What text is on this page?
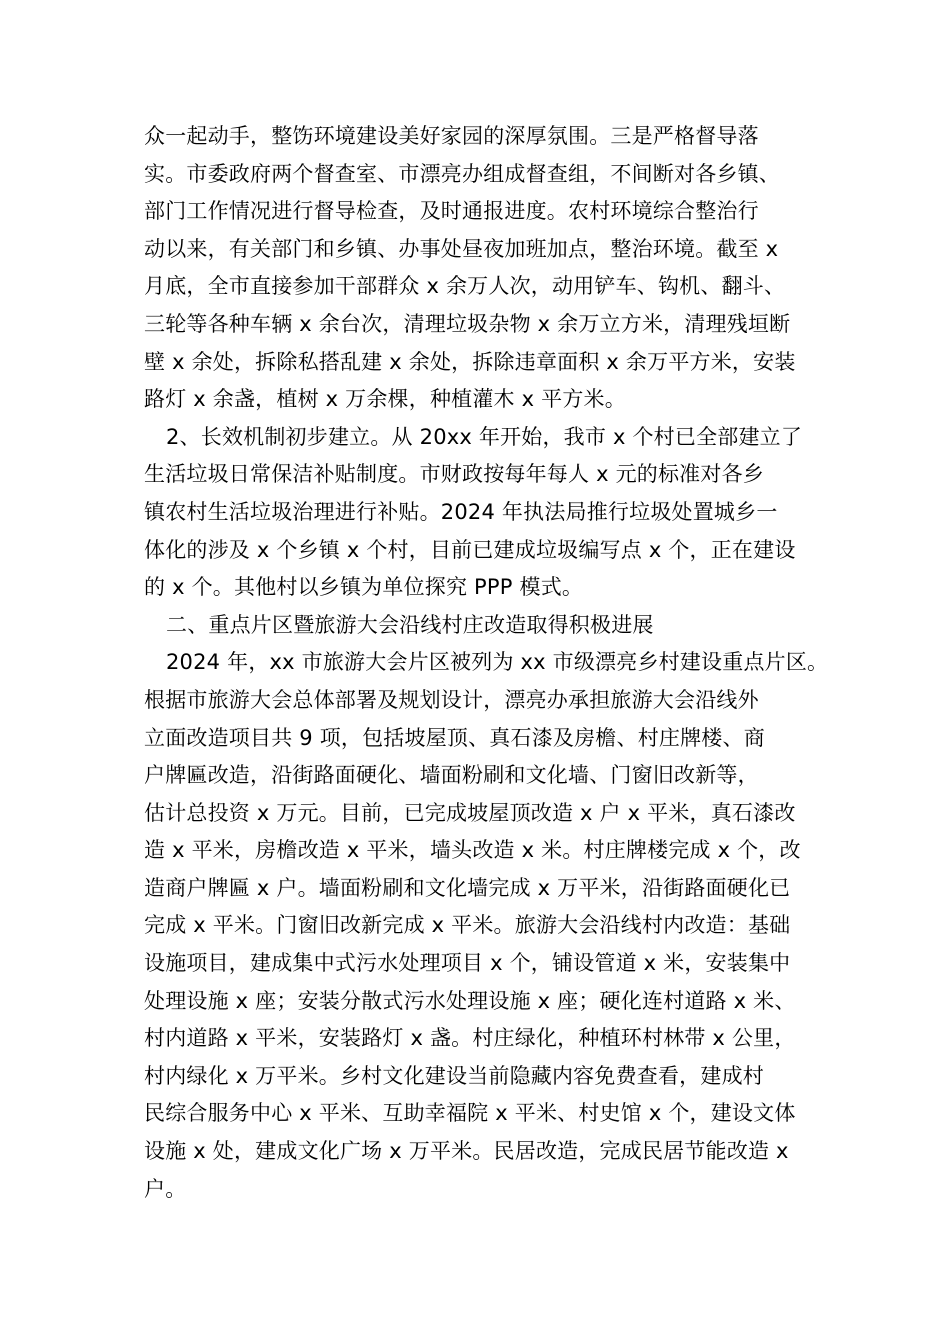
众一起动手，整饬环境建设美好家园的深厚氛围。三是严格督导落
实。市委政府两个督查室、市漂亮办组成督查组，不间断对各乡镇、
部门工作情况进行督导检查，及时通报进度。农村环境综合整治行
动以来，有关部门和乡镇、办事处昼夜加班加点，整治环境。截至 x
月底，全市直接参加干部群众 x 余万人次，动用铲车、钩机、翻斗、
三轮等各种车辆 x 余台次，清理垃圾杂物 x 余万立方米，清理残垣断
壁 x 余处，拆除私搭乱建 x 余处，拆除违章面积 x 余万平方米，安装
路灯 x 余盏，植树 x 万余棵，种植灌木 x 平方米。

2、长效机制初步建立。从 20xx 年开始，我市 x 个村已全部建立了
生活垃圾日常保洁补贴制度。市财政按每年每人 x 元的标准对各乡
镇农村生活垃圾治理进行补贴。2024 年执法局推行垃圾处置城乡一
体化的涉及 x 个乡镇 x 个村，目前已建成垃圾编写点 x 个，正在建设
的 x 个。其他村以乡镇为单位探究 PPP 模式。

二、重点片区暨旅游大会沿线村庄改造取得积极进展

2024 年，xx 市旅游大会片区被列为 xx 市级漂亮乡村建设重点片区。
根据市旅游大会总体部署及规划设计，漂亮办承担旅游大会沿线外
立面改造项目共 9 项，包括坡屋顶、真石漆及房檐、村庄牌楼、商
户牌匾改造，沿街路面硬化、墙面粉刷和文化墙、门窗旧改新等，
估计总投资 x 万元。目前，已完成坡屋顶改造 x 户 x 平米，真石漆改
造 x 平米，房檐改造 x 平米，墙头改造 x 米。村庄牌楼完成 x 个，改
造商户牌匾 x 户。墙面粉刷和文化墙完成 x 万平米，沿街路面硬化已
完成 x 平米。门窗旧改新完成 x 平米。旅游大会沿线村内改造：基础
设施项目，建成集中式污水处理项目 x 个，铺设管道 x 米，安装集中
处理设施 x 座；安装分散式污水处理设施 x 座；硬化连村道路 x 米、
村内道路 x 平米，安装路灯 x 盏。村庄绿化，种植环村林带 x 公里，
村内绿化 x 万平米。乡村文化建设当前隐藏内容免费查看，建成村
民综合服务中心 x 平米、互助幸福院 x 平米、村史馆 x 个，建设文体
设施 x 处，建成文化广场 x 万平米。民居改造，完成民居节能改造 x
户。
